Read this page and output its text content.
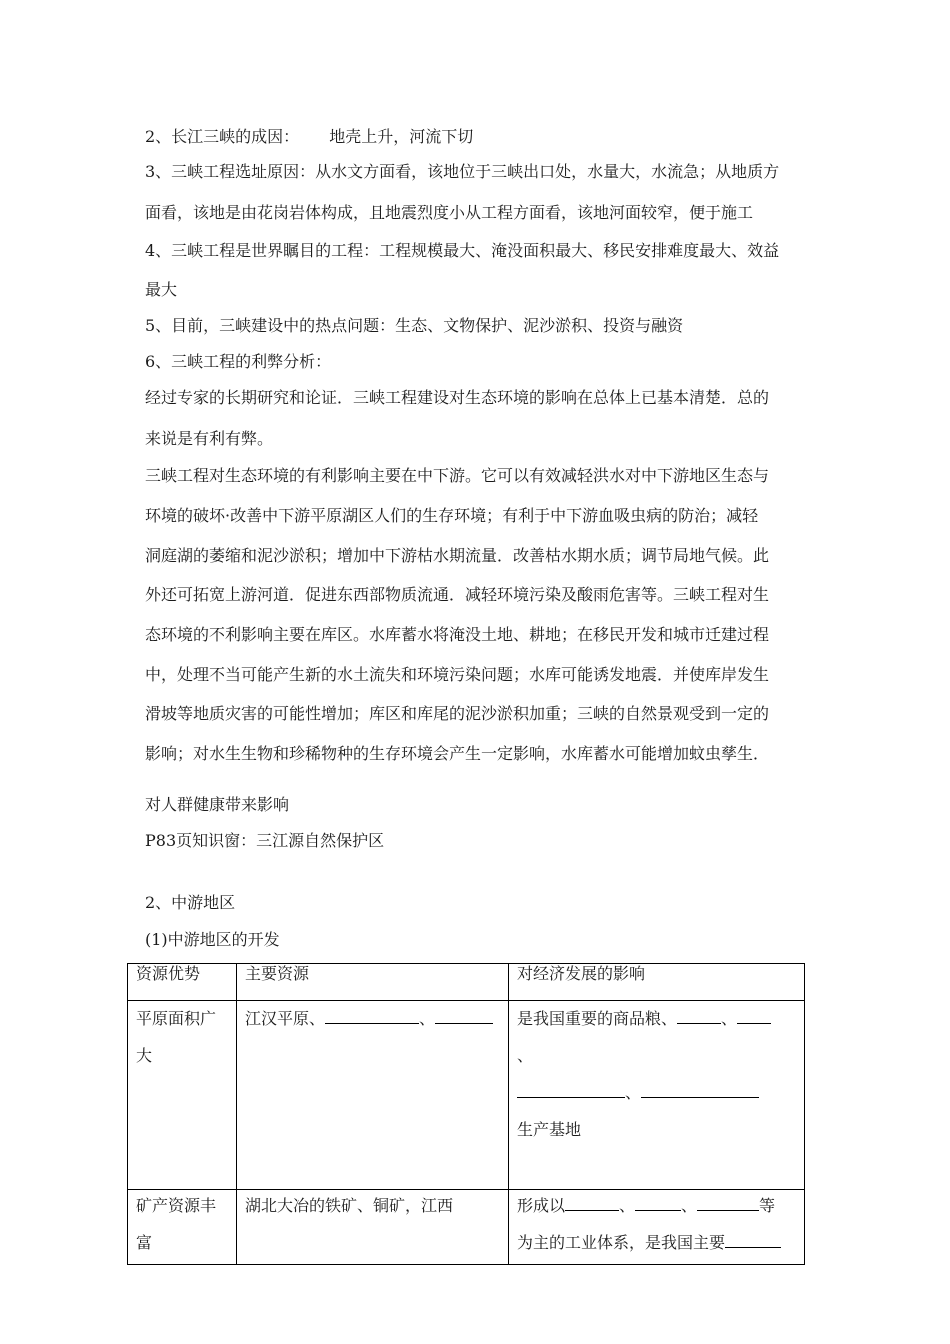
2、长江三峡的成因： 地壳上升，河流下切
3、三峡工程选址原因：从水文方面看，该地位于三峡出口处，水量大，水流急；从地质方
面看，该地是由花岗岩体构成，且地震烈度小从工程方面看，该地河面较窄，便于施工
4、三峡工程是世界瞩目的工程：工程规模最大、淹没面积最大、移民安排难度最大、效益
最大
5、目前，三峡建设中的热点问题：生态、文物保护、泥沙淤积、投资与融资
6、三峡工程的利弊分析：
经过专家的长期研究和论证．三峡工程建设对生态环境的影响在总体上已基本清楚．总的
来说是有利有弊。
三峡工程对生态环境的有利影响主要在中下游。它可以有效减轻洪水对中下游地区生态与
环境的破坏·改善中下游平原湖区人们的生存环境；有利于中下游血吸虫病的防治；减轻
洞庭湖的萎缩和泥沙淤积；增加中下游枯水期流量．改善枯水期水质；调节局地气候。此
外还可拓宽上游河道．促进东西部物质流通．减轻环境污染及酸雨危害等。三峡工程对生
态环境的不利影响主要在库区。水库蓄水将淹没土地、耕地；在移民开发和城市迁建过程
中，处理不当可能产生新的水土流失和环境污染问题；水库可能诱发地震．并使库岸发生
滑坡等地质灾害的可能性增加；库区和库尾的泥沙淤积加重；三峡的自然景观受到一定的
影响；对水生生物和珍稀物种的生存环境会产生一定影响，水库蓄水可能增加蚊虫孳生．
对人群健康带来影响
P83页知识窗：三江源自然保护区
2、中游地区
(1)中游地区的开发
资源优势	主要资源	对经济发展的影响

平原面积广
大	江汉平原、 、	是我国重要的商品粮、 、
、
、
生产基地

矿产资源丰
富	湖北大冶的铁矿、铜矿，江西	形成以 、 、 等
为主的工业体系，是我国主要
